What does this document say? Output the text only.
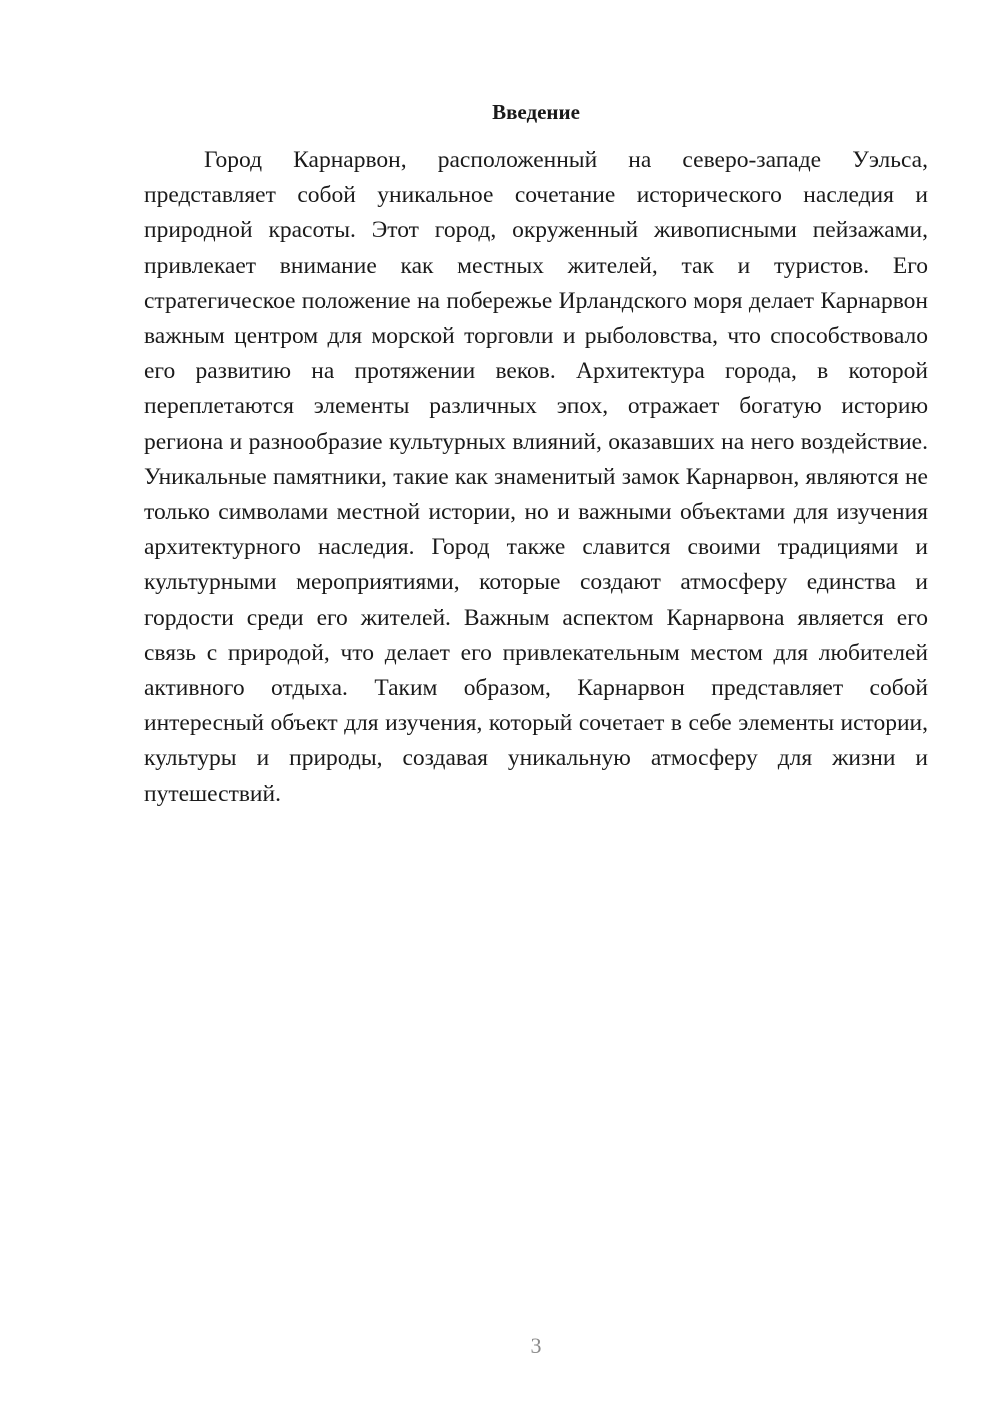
Введение

Город Карнарвон, расположенный на северо-западе Уэльса, представляет собой уникальное сочетание исторического наследия и природной красоты. Этот город, окруженный живописными пейзажами, привлекает внимание как местных жителей, так и туристов. Его стратегическое положение на побережье Ирландского моря делает Карнарвон важным центром для морской торговли и рыболовства, что способствовало его развитию на протяжении веков. Архитектура города, в которой переплетаются элементы различных эпох, отражает богатую историю региона и разнообразие культурных влияний, оказавших на него воздействие. Уникальные памятники, такие как знаменитый замок Карнарвон, являются не только символами местной истории, но и важными объектами для изучения архитектурного наследия. Город также славится своими традициями и культурными мероприятиями, которые создают атмосферу единства и гордости среди его жителей. Важным аспектом Карнарвона является его связь с природой, что делает его привлекательным местом для любителей активного отдыха. Таким образом, Карнарвон представляет собой интересный объект для изучения, который сочетает в себе элементы истории, культуры и природы, создавая уникальную атмосферу для жизни и путешествий.

3
